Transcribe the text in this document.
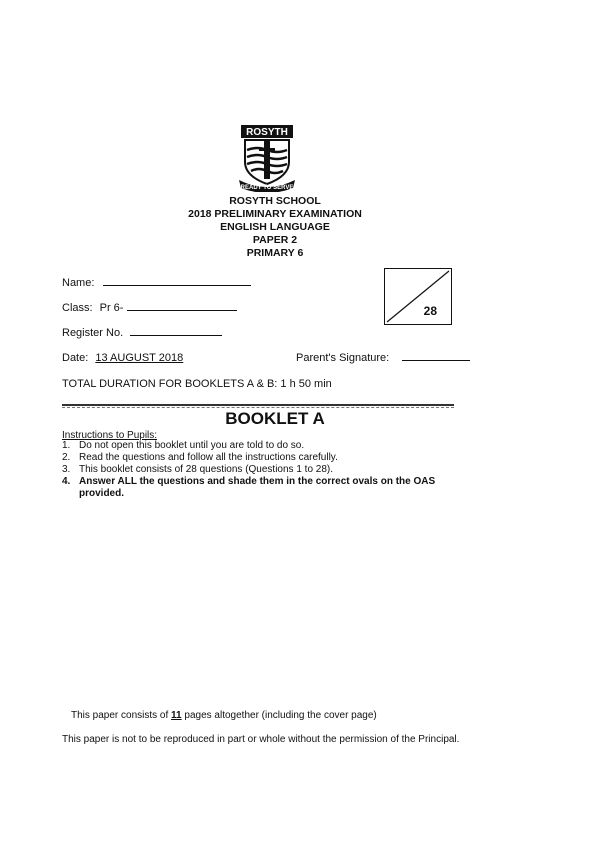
ROSYTH
READY TO SERVE
ROSYTH SCHOOL
2018 PRELIMINARY EXAMINATION
ENGLISH LANGUAGE
PAPER 2
PRIMARY 6
Name:
Class: Pr 6-
Register No.
Date: 13 AUGUST 2018	Parent's Signature:
28
TOTAL DURATION FOR BOOKLETS A & B: 1 h 50 min
BOOKLET A
Instructions to Pupils:
1. Do not open this booklet until you are told to do so.
2. Read the questions and follow all the instructions carefully.
3. This booklet consists of 28 questions (Questions 1 to 28).
4. Answer ALL the questions and shade them in the correct ovals on the OAS provided.
This paper consists of 11 pages altogether (including the cover page)
This paper is not to be reproduced in part or whole without the permission of the Principal.
